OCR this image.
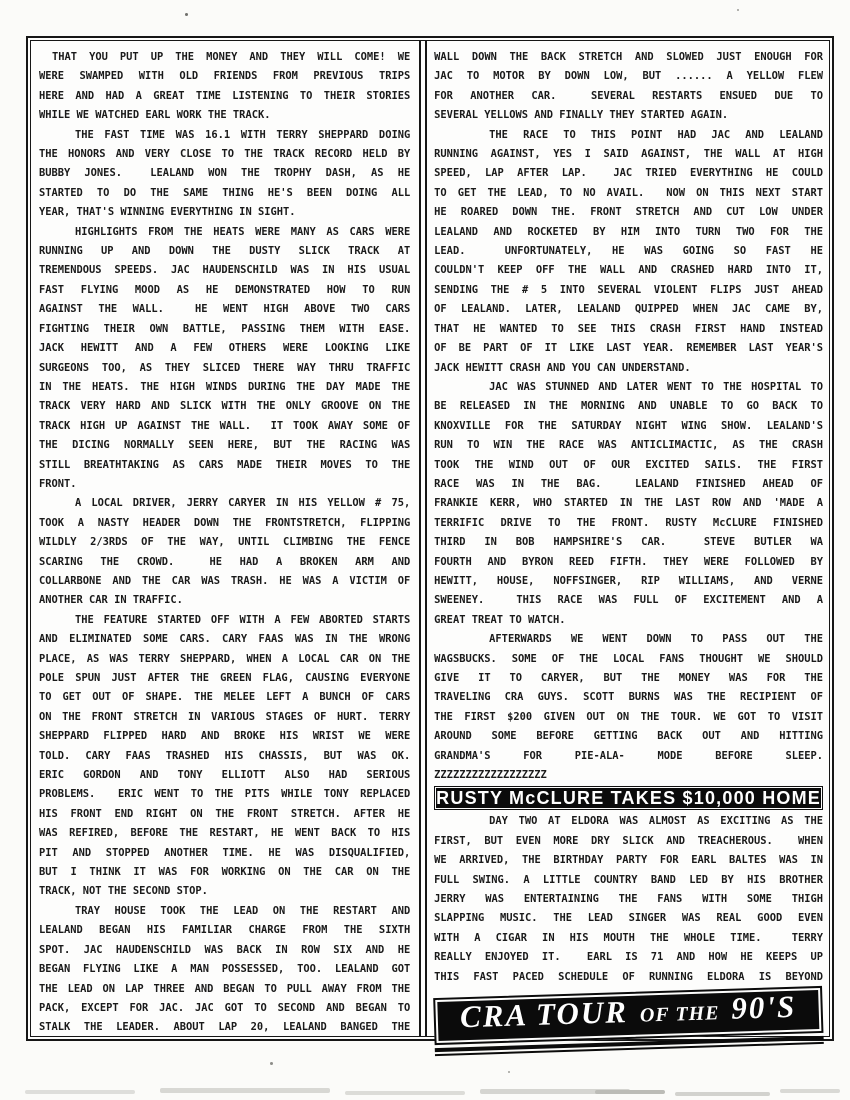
THAT YOU PUT UP THE MONEY AND THEY WILL COME! WE
WERE SWAMPED WITH OLD FRIENDS FROM PREVIOUS TRIPS
HERE AND HAD A GREAT TIME LISTENING TO THEIR STORIES
WHILE WE WATCHED EARL WORK THE TRACK.
THE FAST TIME WAS 16.1 WITH TERRY SHEPPARD DOING
THE HONORS AND VERY CLOSE TO THE TRACK RECORD HELD BY
BUBBY JONES.  LEALAND WON THE TROPHY DASH, AS HE
STARTED TO DO THE SAME THING HE'S BEEN DOING ALL
YEAR, THAT'S WINNING EVERYTHING IN SIGHT.
HIGHLIGHTS FROM THE HEATS WERE MANY AS CARS WERE
RUNNING UP AND DOWN THE DUSTY SLICK TRACK AT
TREMENDOUS SPEEDS. JAC HAUDENSCHILD WAS IN HIS USUAL
FAST FLYING MOOD AS HE DEMONSTRATED HOW TO RUN
AGAINST THE WALL.  HE WENT HIGH ABOVE TWO CARS
FIGHTING THEIR OWN BATTLE, PASSING THEM WITH EASE.
JACK HEWITT AND A FEW OTHERS WERE LOOKING LIKE
SURGEONS TOO, AS THEY SLICED THERE WAY THRU TRAFFIC
IN THE HEATS. THE HIGH WINDS DURING THE DAY MADE THE
TRACK VERY HARD AND SLICK WITH THE ONLY GROOVE ON THE
TRACK HIGH UP AGAINST THE WALL.  IT TOOK AWAY SOME OF
THE DICING NORMALLY SEEN HERE, BUT THE RACING WAS
STILL BREATHTAKING AS CARS MADE THEIR MOVES TO THE
FRONT.
A LOCAL DRIVER, JERRY CARYER IN HIS YELLOW # 75,
TOOK A NASTY HEADER DOWN THE FRONTSTRETCH, FLIPPING
WILDLY 2/3RDS OF THE WAY, UNTIL CLIMBING THE FENCE
SCARING THE CROWD.  HE HAD A BROKEN ARM AND
COLLARBONE AND THE CAR WAS TRASH. HE WAS A VICTIM OF
ANOTHER CAR IN TRAFFIC.
THE FEATURE STARTED OFF WITH A FEW ABORTED STARTS
AND ELIMINATED SOME CARS. CARY FAAS WAS IN THE WRONG
PLACE, AS WAS TERRY SHEPPARD, WHEN A LOCAL CAR ON THE
POLE SPUN JUST AFTER THE GREEN FLAG, CAUSING EVERYONE
TO GET OUT OF SHAPE. THE MELEE LEFT A BUNCH OF CARS
ON THE FRONT STRETCH IN VARIOUS STAGES OF HURT. TERRY
SHEPPARD FLIPPED HARD AND BROKE HIS WRIST WE WERE
TOLD. CARY FAAS TRASHED HIS CHASSIS, BUT WAS OK.
ERIC GORDON AND TONY ELLIOTT ALSO HAD SERIOUS
PROBLEMS.  ERIC WENT TO THE PITS WHILE TONY REPLACED
HIS FRONT END RIGHT ON THE FRONT STRETCH. AFTER HE
WAS REFIRED, BEFORE THE RESTART, HE WENT BACK TO HIS
PIT AND STOPPED ANOTHER TIME. HE WAS DISQUALIFIED,
BUT I THINK IT WAS FOR WORKING ON THE CAR ON THE
TRACK, NOT THE SECOND STOP.
TRAY HOUSE TOOK THE LEAD ON THE RESTART AND
LEALAND BEGAN HIS FAMILIAR CHARGE FROM THE SIXTH
SPOT. JAC HAUDENSCHILD WAS BACK IN ROW SIX AND HE
BEGAN FLYING LIKE A MAN POSSESSED, TOO. LEALAND GOT
THE LEAD ON LAP THREE AND BEGAN TO PULL AWAY FROM THE
PACK, EXCEPT FOR JAC. JAC GOT TO SECOND AND BEGAN TO
STALK THE LEADER. ABOUT LAP 20, LEALAND BANGED THE
WALL DOWN THE BACK STRETCH AND SLOWED JUST ENOUGH FOR
JAC TO MOTOR BY DOWN LOW, BUT ...... A YELLOW FLEW
FOR ANOTHER CAR.  SEVERAL RESTARTS ENSUED DUE TO
SEVERAL YELLOWS AND FINALLY THEY STARTED AGAIN.
THE RACE TO THIS POINT HAD JAC AND LEALAND
RUNNING AGAINST, YES I SAID AGAINST, THE WALL AT HIGH
SPEED, LAP AFTER LAP.  JAC TRIED EVERYTHING HE COULD
TO GET THE LEAD, TO NO AVAIL.  NOW ON THIS NEXT START
HE ROARED DOWN THE. FRONT STRETCH AND CUT LOW UNDER
LEALAND AND ROCKETED BY HIM INTO TURN TWO FOR THE
LEAD.  UNFORTUNATELY, HE WAS GOING SO FAST HE
COULDN'T KEEP OFF THE WALL AND CRASHED HARD INTO IT,
SENDING THE # 5 INTO SEVERAL VIOLENT FLIPS JUST AHEAD
OF LEALAND. LATER, LEALAND QUIPPED WHEN JAC CAME BY,
THAT HE WANTED TO SEE THIS CRASH FIRST HAND INSTEAD
OF BE PART OF IT LIKE LAST YEAR. REMEMBER LAST YEAR'S
JACK HEWITT CRASH AND YOU CAN UNDERSTAND.
JAC WAS STUNNED AND LATER WENT TO THE HOSPITAL TO
BE RELEASED IN THE MORNING AND UNABLE TO GO BACK TO
KNOXVILLE FOR THE SATURDAY NIGHT WING SHOW. LEALAND'S
RUN TO WIN THE RACE WAS ANTICLIMACTIC, AS THE CRASH
TOOK THE WIND OUT OF OUR EXCITED SAILS. THE FIRST
RACE WAS IN THE BAG.  LEALAND FINISHED AHEAD OF
FRANKIE KERR, WHO STARTED IN THE LAST ROW AND 'MADE A
TERRIFIC DRIVE TO THE FRONT. RUSTY McCLURE FINISHED
THIRD IN BOB HAMPSHIRE'S CAR.  STEVE BUTLER WA
FOURTH AND BYRON REED FIFTH. THEY WERE FOLLOWED BY
HEWITT, HOUSE, NOFFSINGER, RIP WILLIAMS, AND VERNE
SWEENEY.  THIS RACE WAS FULL OF EXCITEMENT AND A
GREAT TREAT TO WATCH.
AFTERWARDS WE WENT DOWN TO PASS OUT THE
WAGSBUCKS. SOME OF THE LOCAL FANS THOUGHT WE SHOULD
GIVE IT TO CARYER, BUT THE MONEY WAS FOR THE
TRAVELING CRA GUYS. SCOTT BURNS WAS THE RECIPIENT OF
THE FIRST $200 GIVEN OUT ON THE TOUR. WE GOT TO VISIT
AROUND SOME BEFORE GETTING BACK OUT AND HITTING
GRANDMA'S FOR PIE-ALA- MODE BEFORE SLEEP.
ZZZZZZZZZZZZZZZZZZ
RUSTY McCLURE TAKES $10,000 HOME
DAY TWO AT ELDORA WAS ALMOST AS EXCITING AS THE
FIRST, BUT EVEN MORE DRY SLICK AND TREACHEROUS.  WHEN
WE ARRIVED, THE BIRTHDAY PARTY FOR EARL BALTES WAS IN
FULL SWING. A LITTLE COUNTRY BAND LED BY HIS BROTHER
JERRY WAS ENTERTAINING THE FANS WITH SOME THIGH
SLAPPING MUSIC. THE LEAD SINGER WAS REAL GOOD EVEN
WITH A CIGAR IN HIS MOUTH THE WHOLE TIME.  TERRY
REALLY ENJOYED IT.  EARL IS 71 AND HOW HE KEEPS UP
THIS FAST PACED SCHEDULE OF RUNNING ELDORA IS BEYOND
CRA TOUR OF THE 90'S
